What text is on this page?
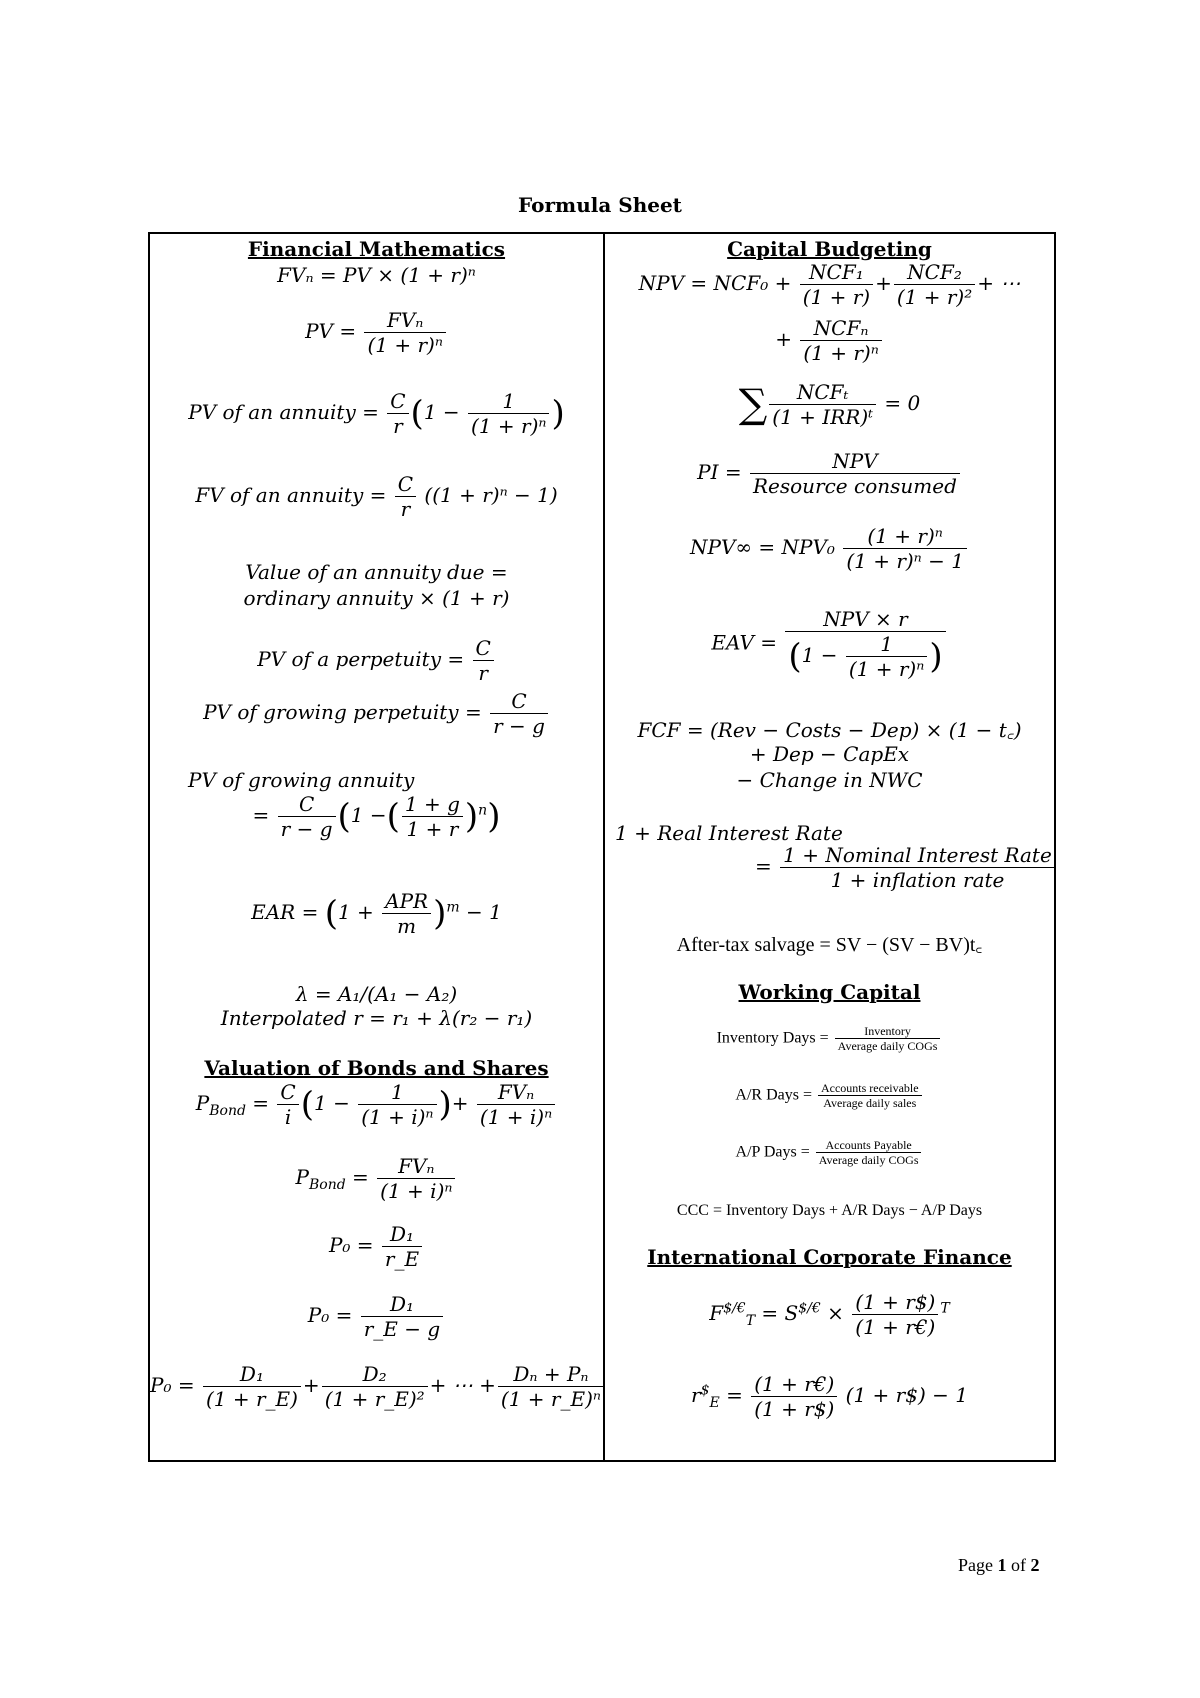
Formula Sheet
Financial Mathematics
FVₙ = PV × (1 + r)ⁿ
PV = $\frac{\text{FVₙ}}{\text{(1 + r)ⁿ}}$
PV of an annuity = $\frac{C}{r} (1 - \frac{1}{\text{(1 + r)ⁿ}}$ )
FV of an annuity = $\frac{C}{r} ((1 + r)^n - 1)$
Value of an annuity due =
ordinary annuity × (1 + r)
PV of a perpetuity = $\frac{C}{r}$
PV of growing perpetuity = $\frac{C}{r - g}$
PV of growing annuity
= $\frac{C}{r - g} (1$ −( $\frac{1 + g}{1 + r} )^n$)
EAR = $(1 + \frac{\text{APR}}{m} )^m - 1$
λ = A₁/(A₁ − A₂)
Interpolated r = r₁ + λ(r₂ − r₁)
Valuation of Bonds and Shares
$P_{Bond} = \frac{C}{i} (1 - \frac{1}{\text{(1 + i)ⁿ}}$ )+ $\frac{\text{FVₙ}}{\text{(1 + i)ⁿ}}$
$P_{Bond} = \frac{\text{FVₙ}}{\text{(1 + i)ⁿ}}$
$P_0 = \frac{\text{D₁}}{r\_E}$
$P_0 = \frac{\text{D₁}}{r\_E - g}$
$P_0 = \frac{\text{D₁}}{(1 + r\_E)} + \frac{\text{D₂}}{\text{(1 + r\_E)²}}$ + ⋯ + $\frac{\text{Dₙ + Pₙ}}{\text{(1 + r\_E)ⁿ}}$
Capital Budgeting
NPV = $NCF_0 + \frac{\text{NCF₁}}{(1 + r)} + \frac{\text{NCF₂}}{\text{(1 + r)²}}$ + ⋯
+ $\frac{\text{NCFₙ}}{\text{(1 + r)ⁿ}}$
∑ $\frac{\text{NCFₜ}}{\text{(1 + IRR)ᵗ}} = 0$
PI = $\frac{\text{NPV}}{\text{Resource consumed}}$
$NPV\infty = NPV_0 \frac{\text{(1 + r)ⁿ}}{\text{(1 + r)ⁿ − 1}}$
EAV = $\frac{\text{NPV × r}}{(1 - \frac{1}{\text{(1 + r)ⁿ}} )}$
FCF = (Rev − Costs − Dep) × (1 − t꜀)
+ Dep − CapEx
− Change in NWC
1 + Real Interest Rate
= $\frac{\text{1 + Nominal Interest Rate}}{\text{1 + inflation rate}}$
After-tax salvage = SV − (SV − BV)t꜀
Working Capital
Inventory Days = $\frac{\text{Inventory}}{\text{Average daily COGs}}$
A/R Days = $\frac{\text{Accounts receivable}}{\text{Average daily sales}}$
A/P Days = $\frac{\text{Accounts Payable}}{\text{Average daily COGs}}$
CCC = Inventory Days + A/R Days − A/P Days
International Corporate Finance
$F^{\$/€}_T = S^{\$/€} \times \frac{(1 + r\$)}{(1 + r€)} ^T$
$r^{\$}_E = \frac{(1 + r€)}{(1 + r\$)} (1$ + r$) − 1
Page 1 of 2
